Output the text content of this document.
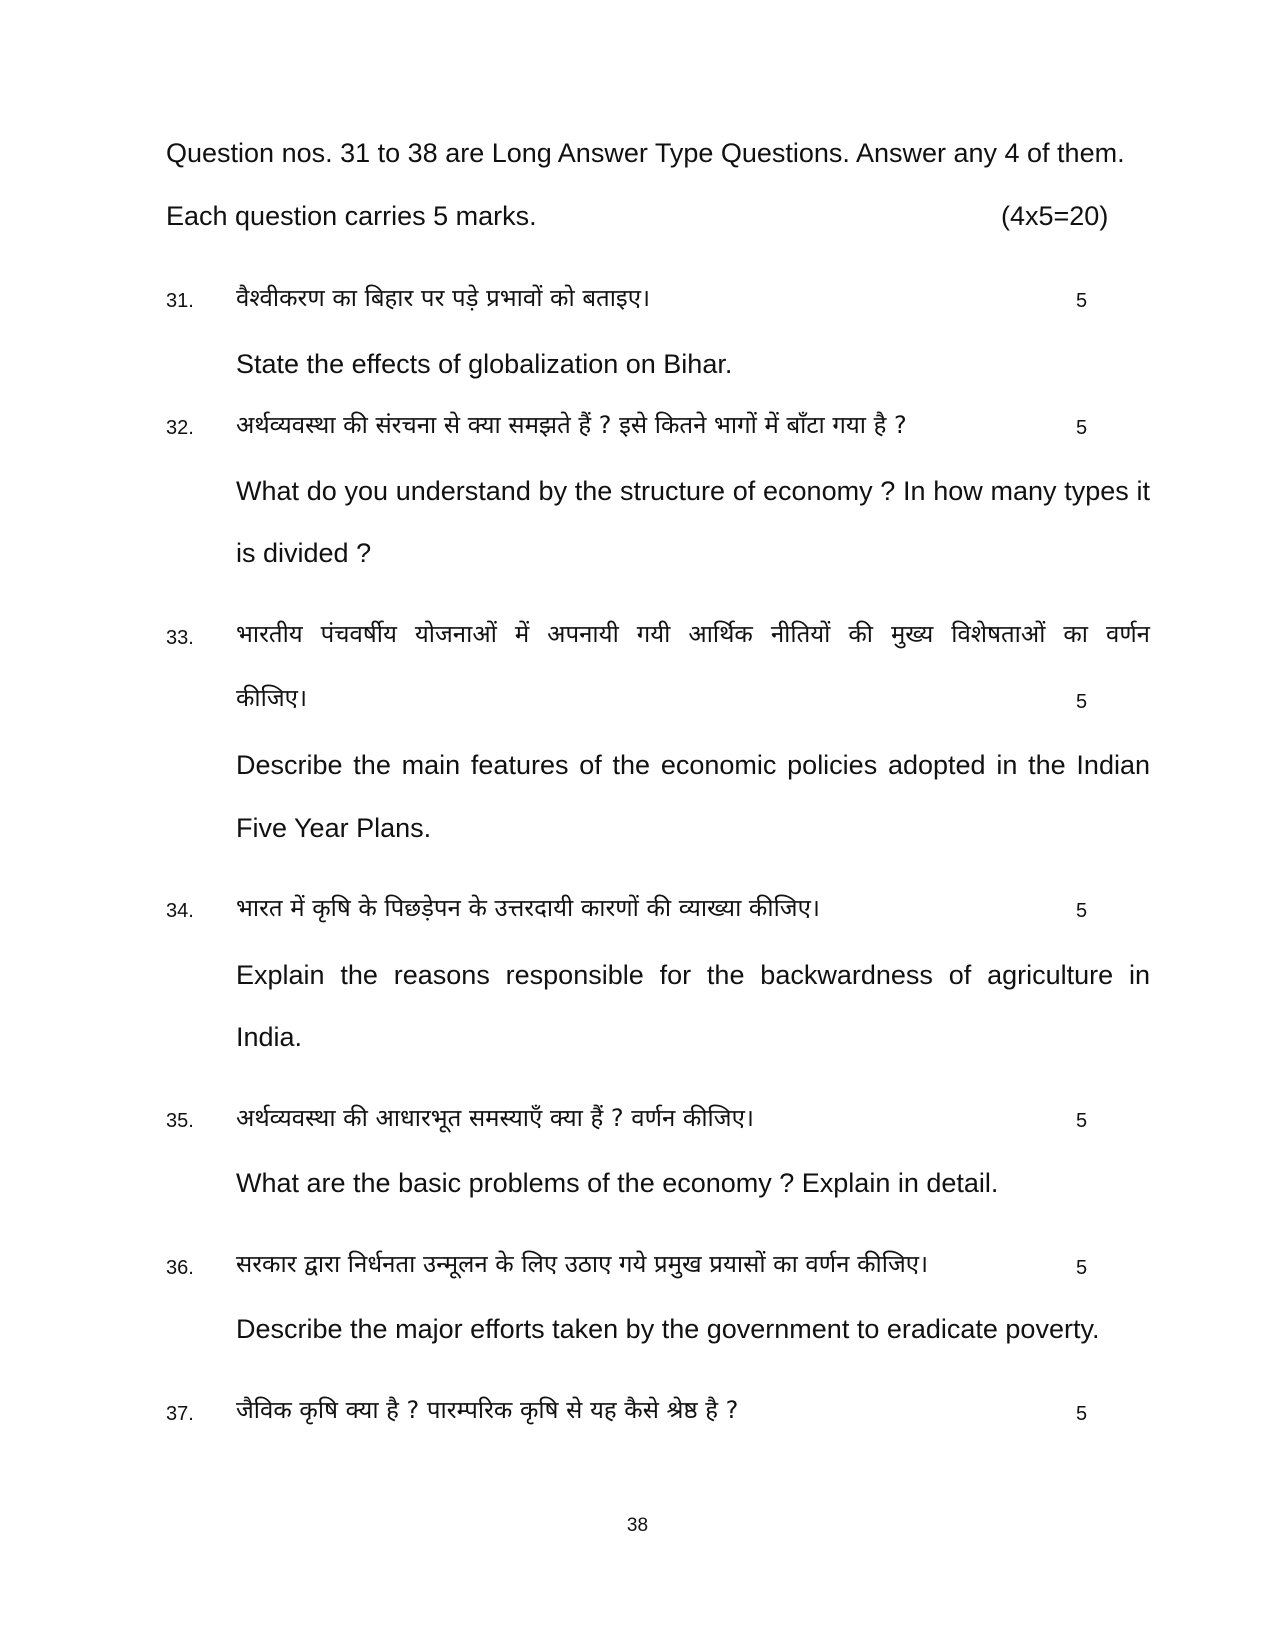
Question nos. 31 to 38 are Long Answer Type Questions. Answer any 4 of them.
Each question carries 5 marks.	(4x5=20)
31. वैश्वीकरण का बिहार पर पड़े प्रभावों को बताइए।	5
State the effects of globalization on Bihar.
32. अर्थव्यवस्था की संरचना से क्या समझते हैं ? इसे कितने भागों में बाँटा गया है ?	5
What do you understand by the structure of economy ? In how many types it
is divided ?
33. भारतीय पंचवर्षीय योजनाओं में अपनायी गयी आर्थिक नीतियों की मुख्य विशेषताओं का वर्णन
कीजिए।	5
Describe the main features of the economic policies adopted in the Indian
Five Year Plans.
34. भारत में कृषि के पिछड़ेपन के उत्तरदायी कारणों की व्याख्या कीजिए।	5
Explain the reasons responsible for the backwardness of agriculture in
India.
35. अर्थव्यवस्था की आधारभूत समस्याएँ क्या हैं ? वर्णन कीजिए।	5
What are the basic problems of the economy ? Explain in detail.
36. सरकार द्वारा निर्धनता उन्मूलन के लिए उठाए गये प्रमुख प्रयासों का वर्णन कीजिए।	5
Describe the major efforts taken by the government to eradicate poverty.
37. जैविक कृषि क्या है ? पारम्परिक कृषि से यह कैसे श्रेष्ठ है ?	5
38
